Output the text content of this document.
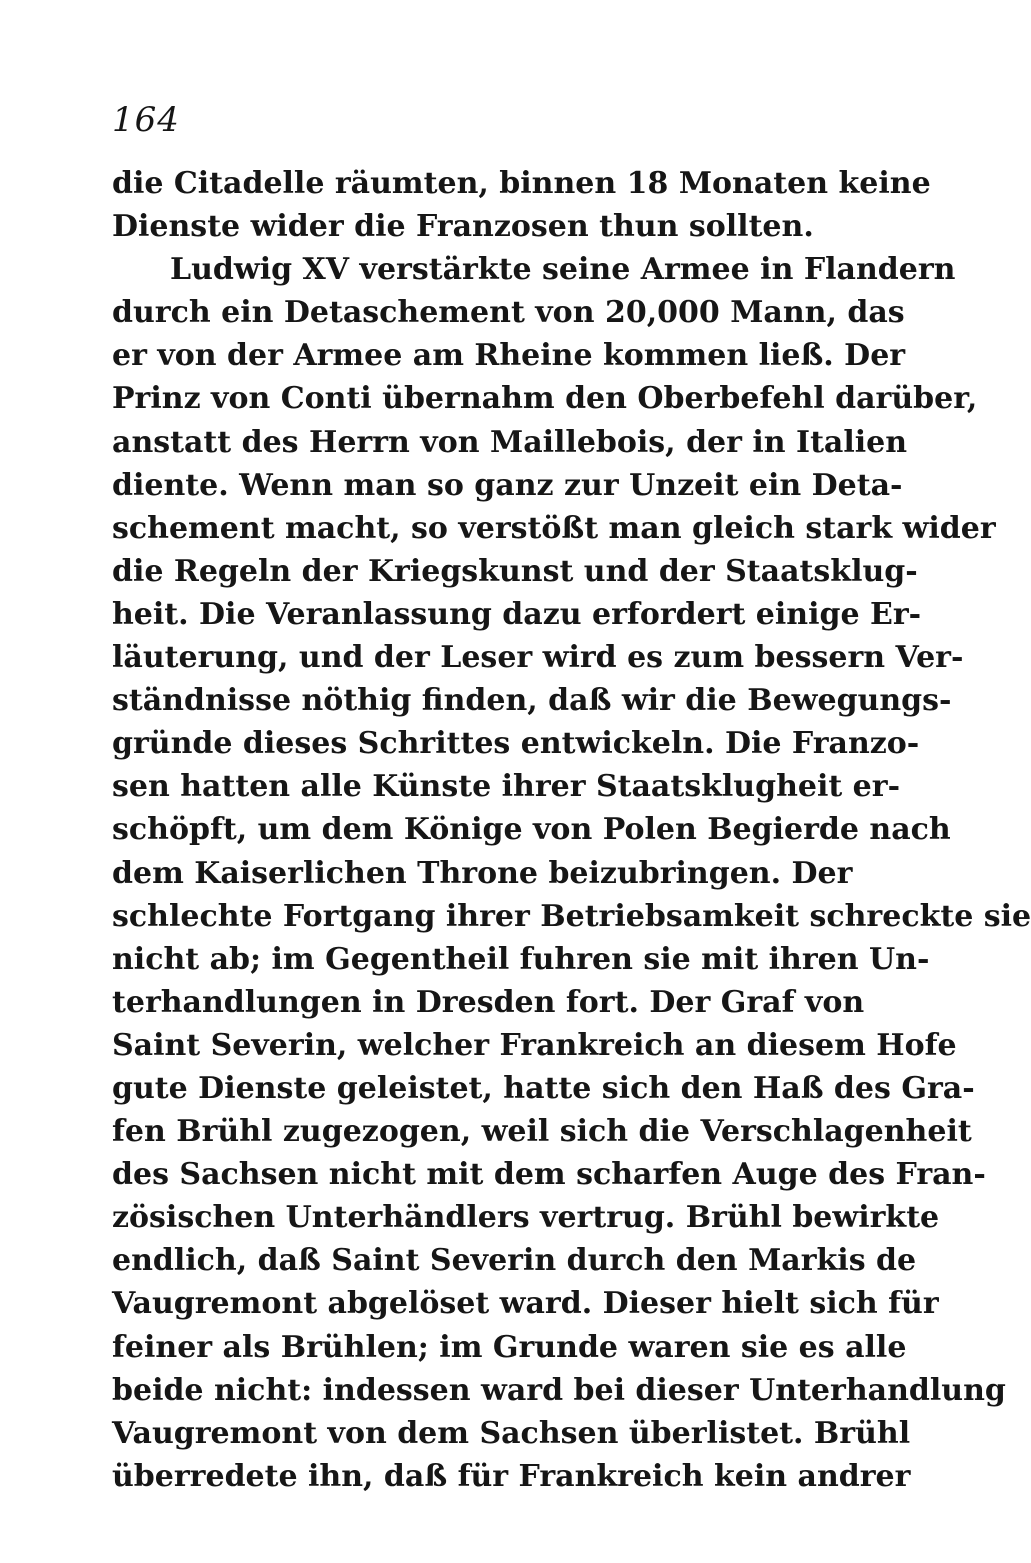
164
die Citadelle räumten, binnen 18 Monaten keine
Dienste wider die Franzosen thun sollten.
Ludwig XV verstärkte seine Armee in Flandern
durch ein Detaschement von 20,000 Mann, das
er von der Armee am Rheine kommen ließ. Der
Prinz von Conti übernahm den Oberbefehl darüber,
anstatt des Herrn von Maillebois, der in Italien
diente. Wenn man so ganz zur Unzeit ein Deta-
schement macht, so verstößt man gleich stark wider
die Regeln der Kriegskunst und der Staatsklug-
heit. Die Veranlassung dazu erfordert einige Er-
läuterung, und der Leser wird es zum bessern Ver-
ständnisse nöthig finden, daß wir die Bewegungs-
gründe dieses Schrittes entwickeln. Die Franzo-
sen hatten alle Künste ihrer Staatsklugheit er-
schöpft, um dem Könige von Polen Begierde nach
dem Kaiserlichen Throne beizubringen. Der
schlechte Fortgang ihrer Betriebsamkeit schreckte sie
nicht ab; im Gegentheil fuhren sie mit ihren Un-
terhandlungen in Dresden fort. Der Graf von
Saint Severin, welcher Frankreich an diesem Hofe
gute Dienste geleistet, hatte sich den Haß des Gra-
fen Brühl zugezogen, weil sich die Verschlagenheit
des Sachsen nicht mit dem scharfen Auge des Fran-
zösischen Unterhändlers vertrug. Brühl bewirkte
endlich, daß Saint Severin durch den Markis de
Vaugremont abgelöset ward. Dieser hielt sich für
feiner als Brühlen; im Grunde waren sie es alle
beide nicht: indessen ward bei dieser Unterhandlung
Vaugremont von dem Sachsen überlistet. Brühl
überredete ihn, daß für Frankreich kein andrer
